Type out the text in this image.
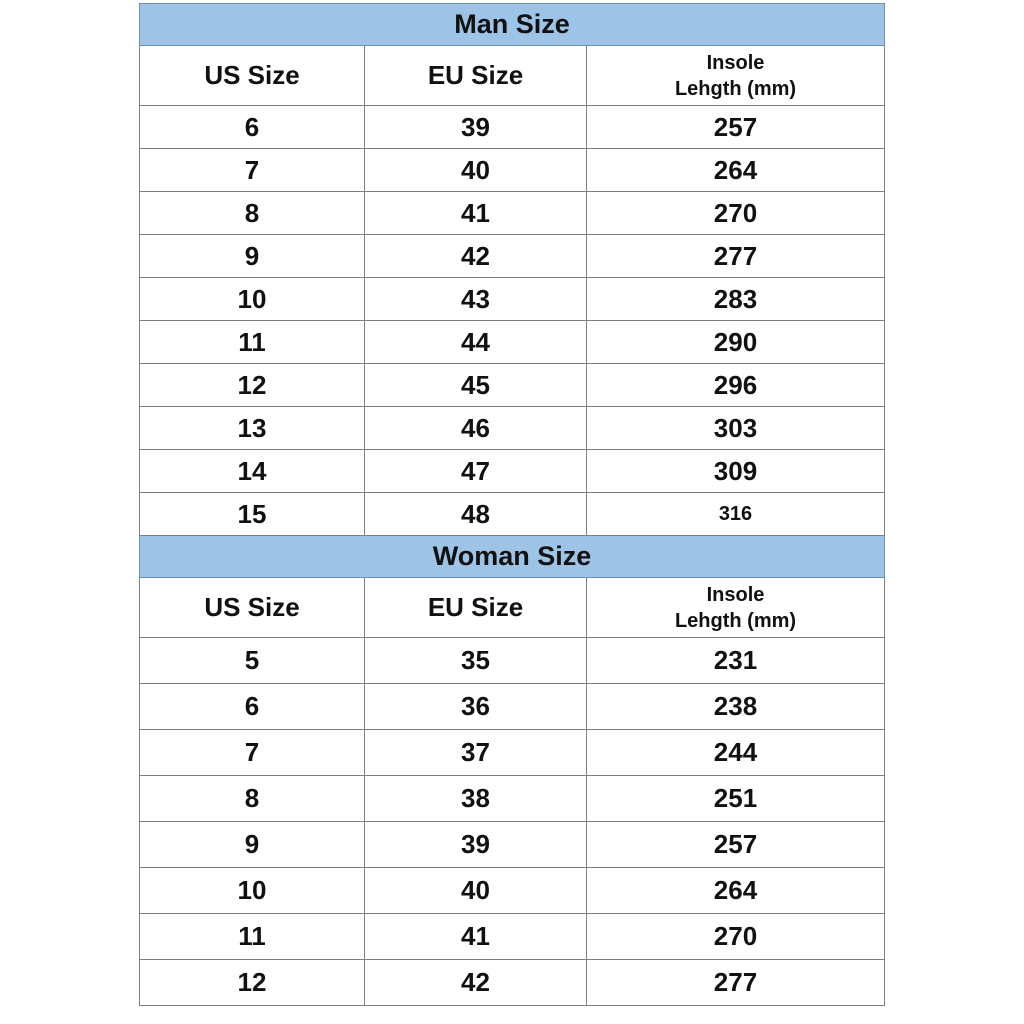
Man Size		
US Size	EU Size	Insole
Lehgth (mm)
6	39	257
7	40	264
8	41	270
9	42	277
10	43	283
11	44	290
12	45	296
13	46	303
14	47	309
15	48	316
Woman Size		
US Size	EU Size	Insole
Lehgth (mm)
5	35	231
6	36	238
7	37	244
8	38	251
9	39	257
10	40	264
11	41	270
12	42	277
